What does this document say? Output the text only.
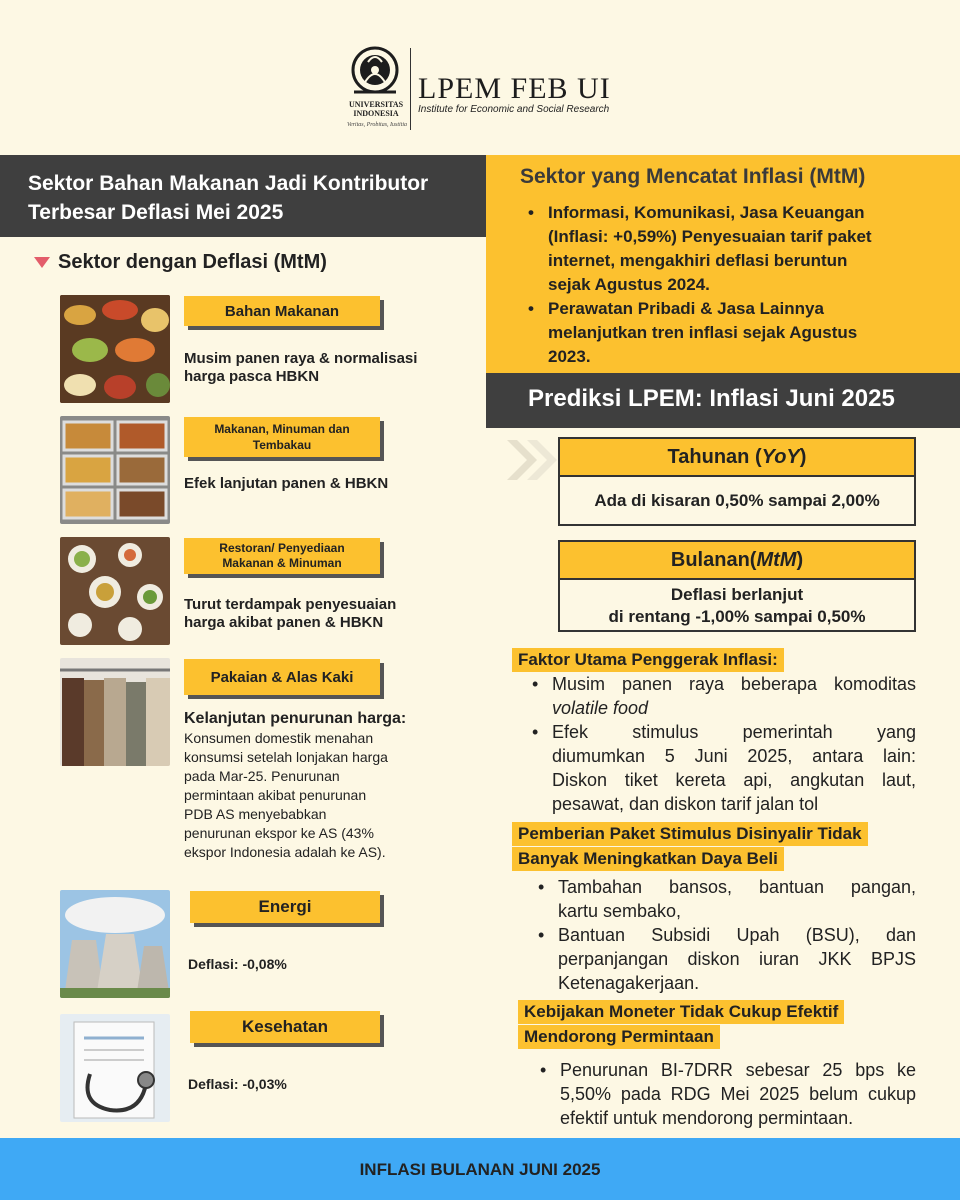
UNIVERSITAS INDONESIA
Veritas, Probitas, Iustitia
LPEM FEB UI
Institute for Economic and Social Research
Sektor Bahan Makanan Jadi Kontributor
Terbesar Deflasi Mei 2025
Sektor yang Mencatat Inflasi (MtM)
• Informasi, Komunikasi, Jasa Keuangan
(Inflasi: +0,59%) Penyesuaian tarif paket
internet, mengakhiri deflasi beruntun
sejak Agustus 2024.
• Perawatan Pribadi & Jasa Lainnya
melanjutkan tren inflasi sejak Agustus
2023.
Prediksi LPEM: Inflasi Juni 2025
Sektor dengan Deflasi (MtM)
Bahan Makanan
Musim panen raya & normalisasi
harga pasca HBKN
Makanan, Minuman dan
Tembakau
Efek lanjutan panen & HBKN
Restoran/ Penyediaan
Makanan & Minuman
Turut terdampak penyesuaian
harga akibat panen & HBKN
Pakaian & Alas Kaki
Kelanjutan penurunan harga:
Konsumen domestik menahan
konsumsi setelah lonjakan harga
pada Mar-25. Penurunan
permintaan akibat penurunan
PDB AS menyebabkan
penurunan ekspor ke AS (43%
ekspor Indonesia adalah ke AS).
Energi
Deflasi: -0,08%
Kesehatan
Deflasi: -0,03%
Tahunan (YoY)
Ada di kisaran 0,50% sampai 2,00%
Bulanan(MtM)
Deflasi berlanjut
di rentang -1,00% sampai 0,50%
Faktor Utama Penggerak Inflasi:
• Musim panen raya beberapa komoditas
volatile food
• Efek stimulus pemerintah yang
diumumkan 5 Juni 2025, antara lain:
Diskon tiket kereta api, angkutan laut,
pesawat, dan diskon tarif jalan tol
Pemberian Paket Stimulus Disinyalir Tidak
Banyak Meningkatkan Daya Beli
• Tambahan bansos, bantuan pangan,
kartu sembako,
• Bantuan Subsidi Upah (BSU), dan
perpanjangan diskon iuran JKK BPJS
Ketenagakerjaan.
Kebijakan Moneter Tidak Cukup Efektif
Mendorong Permintaan
• Penurunan BI-7DRR sebesar 25 bps ke
5,50% pada RDG Mei 2025 belum cukup
efektif untuk mendorong permintaan.
INFLASI BULANAN JUNI 2025
